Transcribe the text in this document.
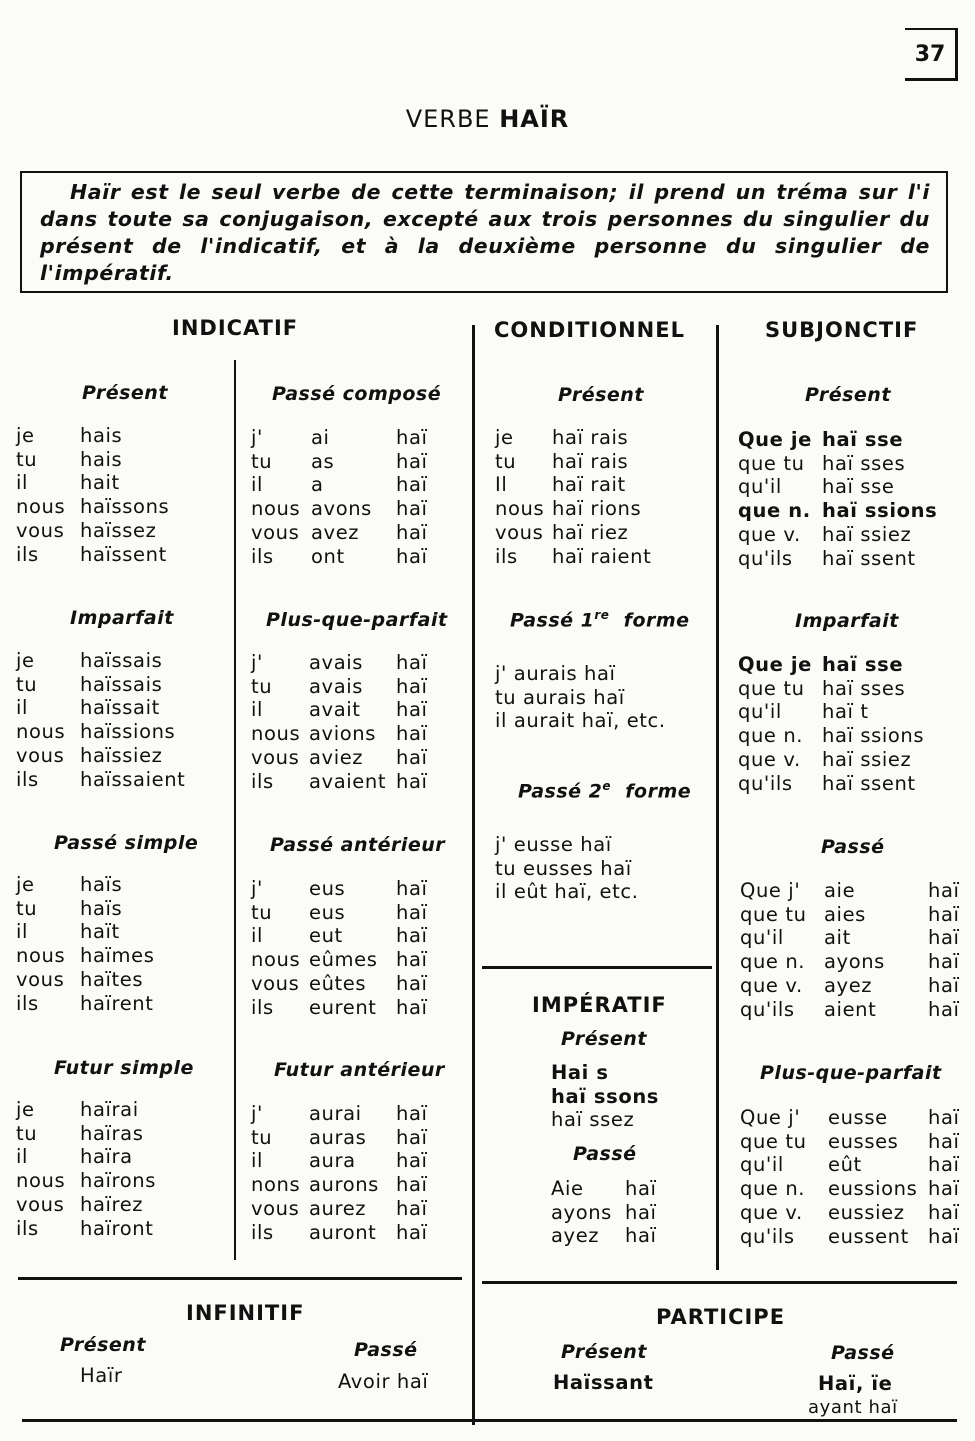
37
VERBE HAÏR
Haïr est le seul verbe de cette terminaison; il prend un tréma sur l'i dans toute sa conjugaison, excepté aux trois personnes du singulier du présent de l'indicatif, et à la deuxième personne du singulier de l'impératif.
INDICATIF	CONDITIONNEL	SUBJONCTIF
Présent
je	hais
tu	hais
il	hait
nous haïssons
vous haïssez
ils	haïssent
Imparfait
je	haïssais
tu	haïssais
il	haïssait
nous haïssions
vous haïssiez
ils	haïssaient
Passé simple
je	haïs
tu	haïs
il	haït
nous haïmes
vous haïtes
ils	haïrent
Futur simple
je	haïrai
tu	haïras
il	haïra
nous haïrons
vous haïrez
ils	haïront
Passé composé
j'	ai	haï
tu	as	haï
il	a	haï
nous avons	haï
vous avez	haï
ils	ont	haï
Plus-que-parfait
j'	avais	haï
tu	avais	haï
il	avait	haï
nous avions	haï
vous aviez	haï
ils	avaient haï
Passé antérieur
j'	eus	haï
tu	eus	haï
il	eut	haï
nous eûmes haï
vous eûtes	haï
ils	eurent haï
Futur antérieur
j'	aurai	haï
tu	auras	haï
il	aura	haï
nons aurons haï
vous aurez	haï
ils	auront	haï
Présent
je	haï rais
tu	haï rais
Il	haï rait
nous haï rions
vous haï riez
ils	haï raient
Passé 1re forme
j' aurais haï
tu aurais haï
il aurait haï, etc.
Passé 2e forme
j' eusse haï
tu eusses haï
il eût haï, etc.
IMPÉRATIF
Présent
Hai s
haï ssons
haï ssez
Passé
Aie	haï
ayons haï
ayez	haï
Présent
Que je haï sse
que tu haï sses
qu'il	haï sse
que n. haï ssions
que v.	haï ssiez
qu'ils	haï ssent
Imparfait
Que je haï sse
que tu haï sses
qu'il	haï t
que n. haï ssions
que v.	haï ssiez
qu'ils	haï ssent
Passé
Que j'	aie	haï
que tu aies	haï
qu'il	ait	haï
que n. ayons	haï
que v.	ayez	haï
qu'ils	aient	haï
Plus-que-parfait
Que j'	eusse	haï
que tu	eusses	haï
qu'il	eût	haï
que n.	eussions haï
que v.	eussiez	haï
qu'ils	eussent haï
INFINITIF
Présent
Haïr
Passé
Avoir haï
PARTICIPE
Présent
Haïssant
Passé
Haï, ïe
ayant haï
